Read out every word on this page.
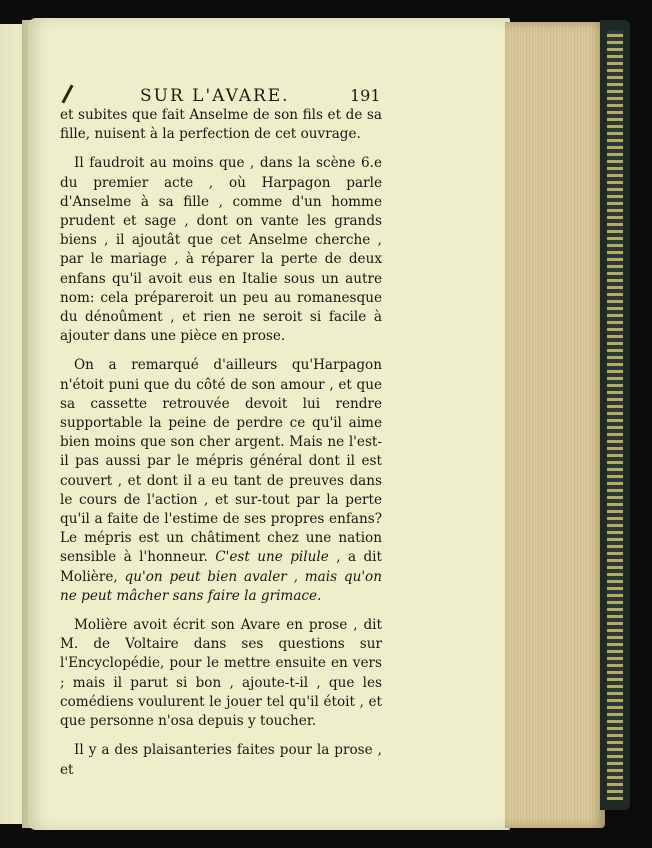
SUR L'AVARE.	191

et subites que fait Anselme de son fils et de sa fille, nuisent à la perfection de cet ouvrage.

Il faudroit au moins que , dans la scène 6.e du premier acte , où Harpagon parle d'Anselme à sa fille , comme d'un homme prudent et sage , dont on vante les grands biens , il ajoutât que cet Anselme cherche , par le mariage , à réparer la perte de deux enfans qu'il avoit eus en Italie sous un autre nom: cela prépareroit un peu au romanesque du dénoûment , et rien ne seroit si facile à ajouter dans une pièce en prose.

On a remarqué d'ailleurs qu'Harpagon n'étoit puni que du côté de son amour , et que sa cassette retrouvée devoit lui rendre supportable la peine de perdre ce qu'il aime bien moins que son cher argent. Mais ne l'est-il pas aussi par le mépris général dont il est couvert , et dont il a eu tant de preuves dans le cours de l'action , et sur-tout par la perte qu'il a faite de l'estime de ses propres enfans? Le mépris est un châtiment chez une nation sensible à l'honneur. C'est une pilule , a dit Molière, qu'on peut bien avaler , mais qu'on ne peut mâcher sans faire la grimace.

Molière avoit écrit son Avare en prose , dit M. de Voltaire dans ses questions sur l'Encyclopédie, pour le mettre ensuite en vers ; mais il parut si bon , ajoute-t-il , que les comédiens voulurent le jouer tel qu'il étoit , et que personne n'osa depuis y toucher.

Il y a des plaisanteries faites pour la prose , et
